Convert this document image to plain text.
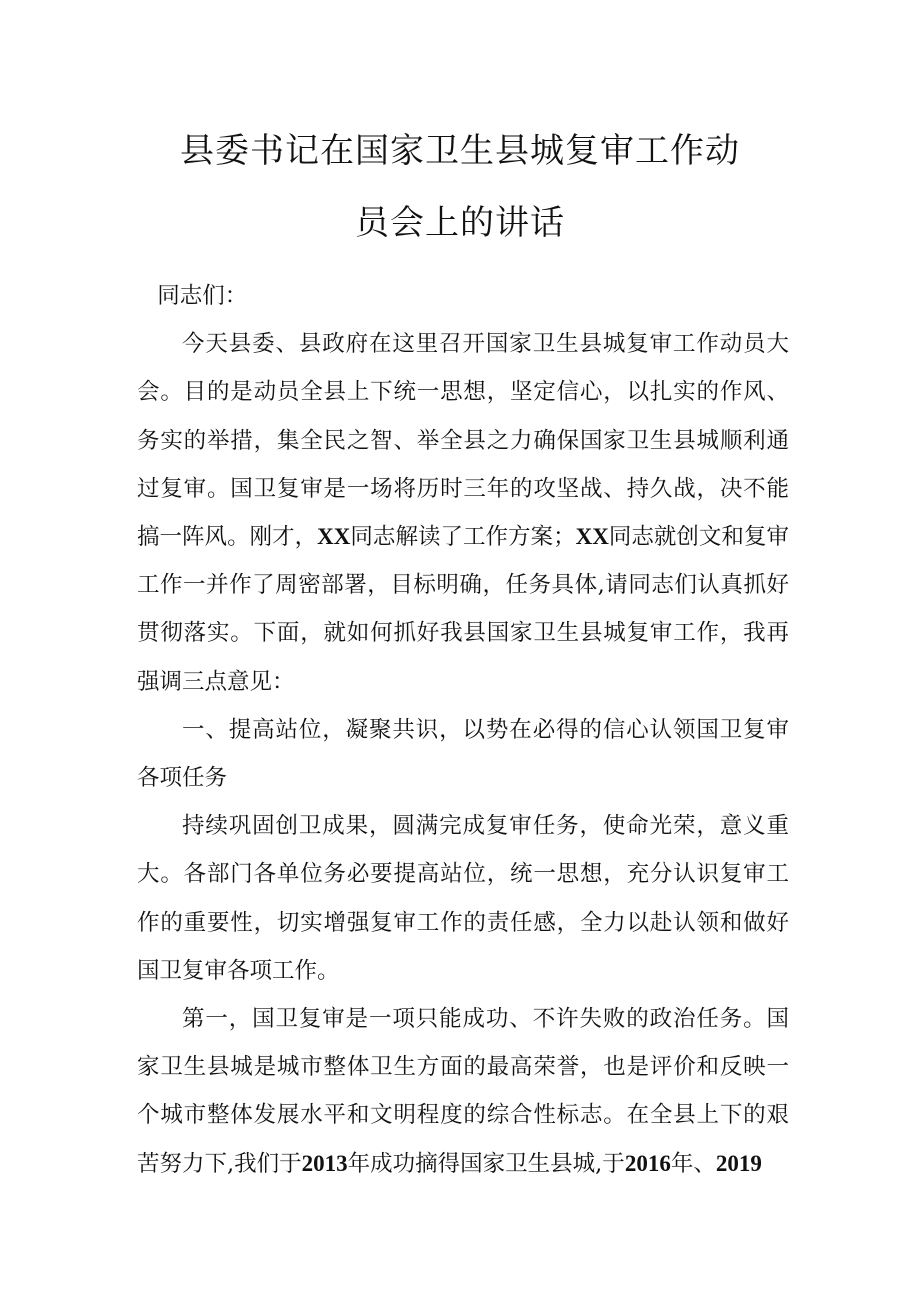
县委书记在国家卫生县城复审工作动
员会上的讲话

同志们：

今天县委、县政府在这里召开国家卫生县城复审工作动员大会。目的是动员全县上下统一思想，坚定信心，以扎实的作风、务实的举措，集全民之智、举全县之力确保国家卫生县城顺利通过复审。国卫复审是一场将历时三年的攻坚战、持久战，决不能搞一阵风。刚才，XX同志解读了工作方案；XX同志就创文和复审工作一并作了周密部署，目标明确，任务具体,请同志们认真抓好贯彻落实。下面，就如何抓好我县国家卫生县城复审工作，我再强调三点意见：

一、提高站位，凝聚共识，以势在必得的信心认领国卫复审各项任务

持续巩固创卫成果，圆满完成复审任务，使命光荣，意义重大。各部门各单位务必要提高站位，统一思想，充分认识复审工作的重要性，切实增强复审工作的责任感，全力以赴认领和做好国卫复审各项工作。

第一，国卫复审是一项只能成功、不许失败的政治任务。国家卫生县城是城市整体卫生方面的最高荣誉，也是评价和反映一个城市整体发展水平和文明程度的综合性标志。在全县上下的艰苦努力下,我们于2013年成功摘得国家卫生县城,于2016年、2019
